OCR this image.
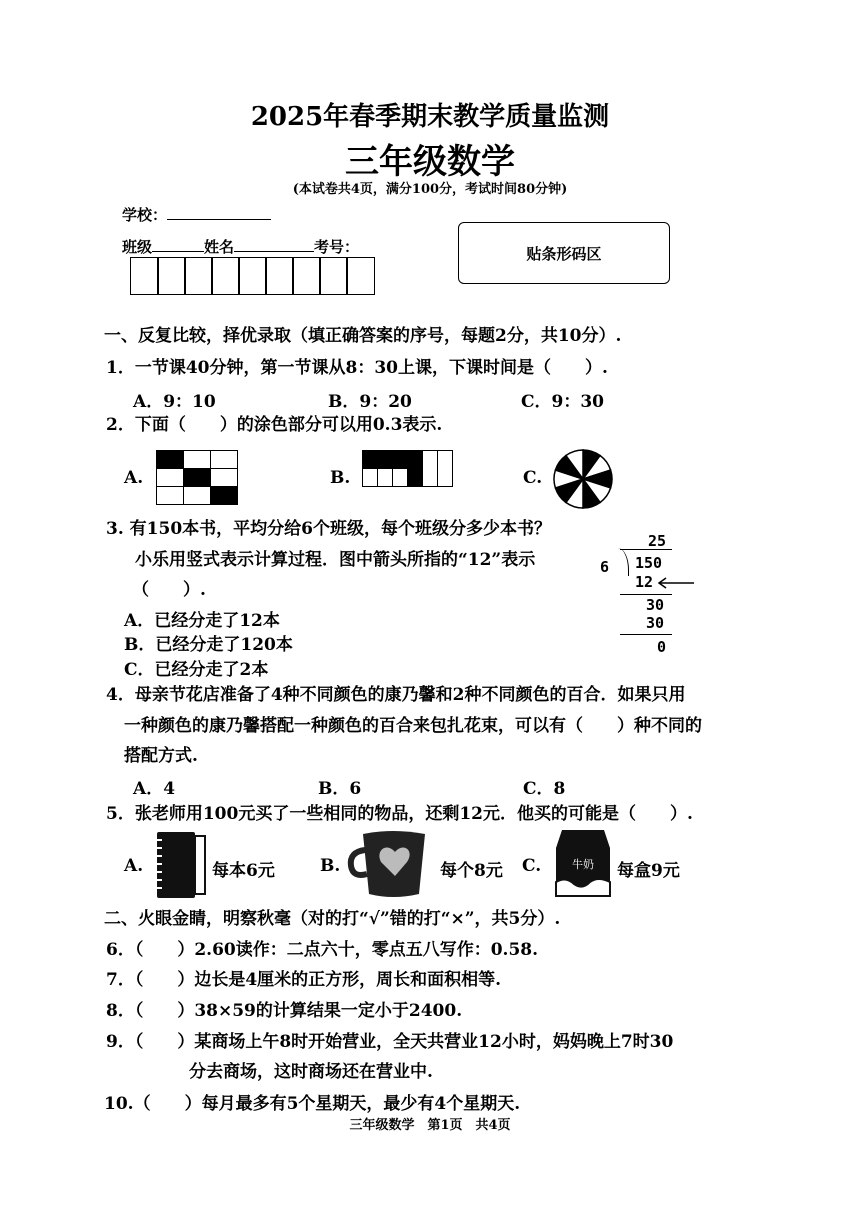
2025年春季期末教学质量监测
三年级数学
(本试卷共4页，满分100分，考试时间80分钟)
学校：
班级	姓名	考号：	贴条形码区
一、反复比较，择优录取（填正确答案的序号，每题2分，共10分）.
1．一节课40分钟，第一节课从8：30上课，下课时间是（　　）.
A．9：10	B．9：20	C．9：30
2．下面（　　）的涂色部分可以用0.3表示.
A.

			B.

			C.
3. 有150本书，平均分给6个班级，每个班级分多少本书？
小乐用竖式表示计算过程．图中箭头所指的“12”表示
（　　）.
A．已经分走了12本
B．已经分走了120本
C．已经分走了2本
25
6 150
12
30
30
0
4．母亲节花店准备了4种不同颜色的康乃馨和2种不同颜色的百合．如果只用
一种颜色的康乃馨搭配一种颜色的百合来包扎花束，可以有（　　）种不同的
搭配方式.
A．4	B．6	C．8
5．张老师用100元买了一些相同的物品，还剩12元．他买的可能是（　　）.
A.	每本6元	B.	每个8元 C.	牛奶 每盒9元
二、火眼金睛，明察秋毫（对的打“√”错的打“×”，共5分）.
6．（　　）2.60读作：二点六十，零点五八写作：0.58.
7．（　　）边长是4厘米的正方形，周长和面积相等.
8．（　　）38×59的计算结果一定小于2400.
9．（　　）某商场上午8时开始营业，全天共营业12小时，妈妈晚上7时30
分去商场，这时商场还在营业中.
10.（　　）每月最多有5个星期天，最少有4个星期天.
三年级数学　第1页　共4页
